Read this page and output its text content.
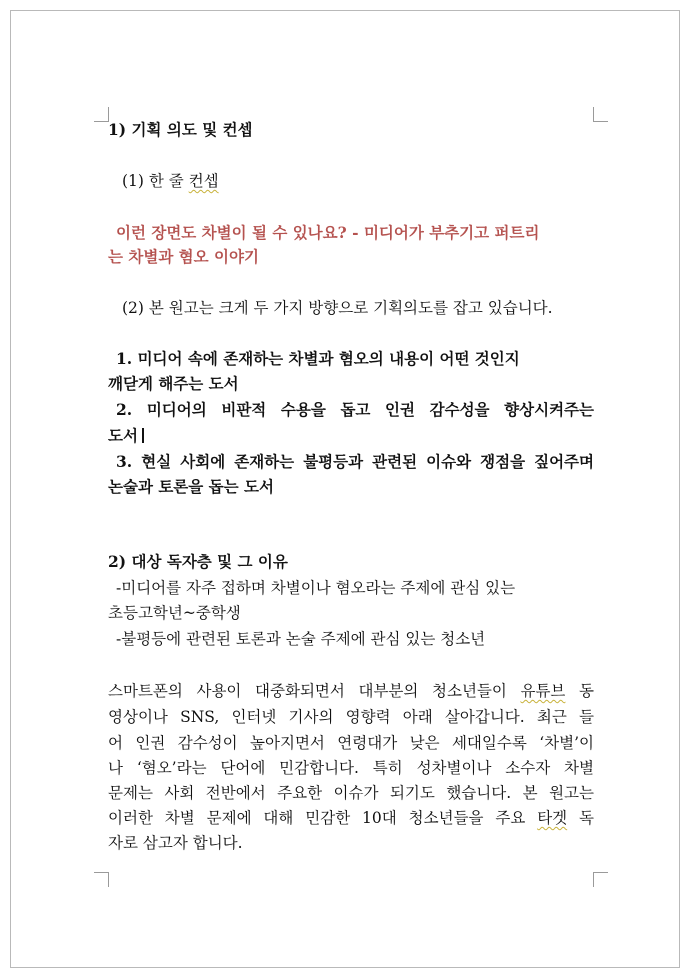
1) 기획 의도 및 컨셉
(1) 한 줄 컨셉
이런 장면도 차별이 될 수 있나요? - 미디어가 부추기고 퍼트리
는 차별과 혐오 이야기
(2) 본 원고는 크게 두 가지 방향으로 기획의도를 잡고 있습니다.
1. 미디어 속에 존재하는 차별과 혐오의 내용이 어떤 것인지
깨닫게 해주는 도서
2. 미디어의 비판적 수용을 돕고 인권 감수성을 향상시켜주는
도서
3. 현실 사회에 존재하는 불평등과 관련된 이슈와 쟁점을 짚어주며
논술과 토론을 돕는 도서
2) 대상 독자층 및 그 이유
-미디어를 자주 접하며 차별이나 혐오라는 주제에 관심 있는
초등고학년~중학생
-불평등에 관련된 토론과 논술 주제에 관심 있는 청소년
스마트폰의 사용이 대중화되면서 대부분의 청소년들이 유튜브 동
영상이나 SNS, 인터넷 기사의 영향력 아래 살아갑니다. 최근 들
어 인권 감수성이 높아지면서 연령대가 낮은 세대일수록 ‘차별’이
나 ‘혐오’라는 단어에 민감합니다. 특히 성차별이나 소수자 차별
문제는 사회 전반에서 주요한 이슈가 되기도 했습니다. 본 원고는
이러한 차별 문제에 대해 민감한 10대 청소년들을 주요 타겟 독
자로 삼고자 합니다.
